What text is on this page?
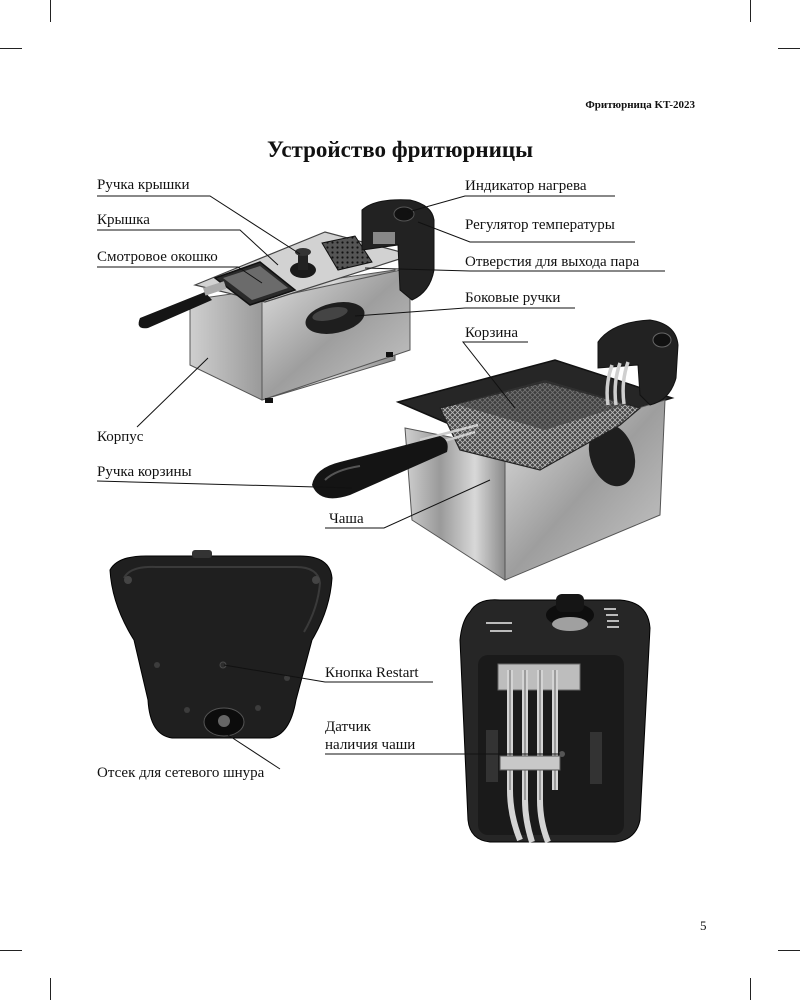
Фритюрница KT-2023
Устройство фритюрницы
Ручка крышки
Крышка
Смотровое окошко
Корпус
Ручка корзины
Индикатор нагрева
Регулятор температуры
Отверстия для выхода пара
Боковые ручки
Корзина
Чаша
Кнопка Restart
Датчик
наличия чаши
Отсек для сетевого шнура
5
